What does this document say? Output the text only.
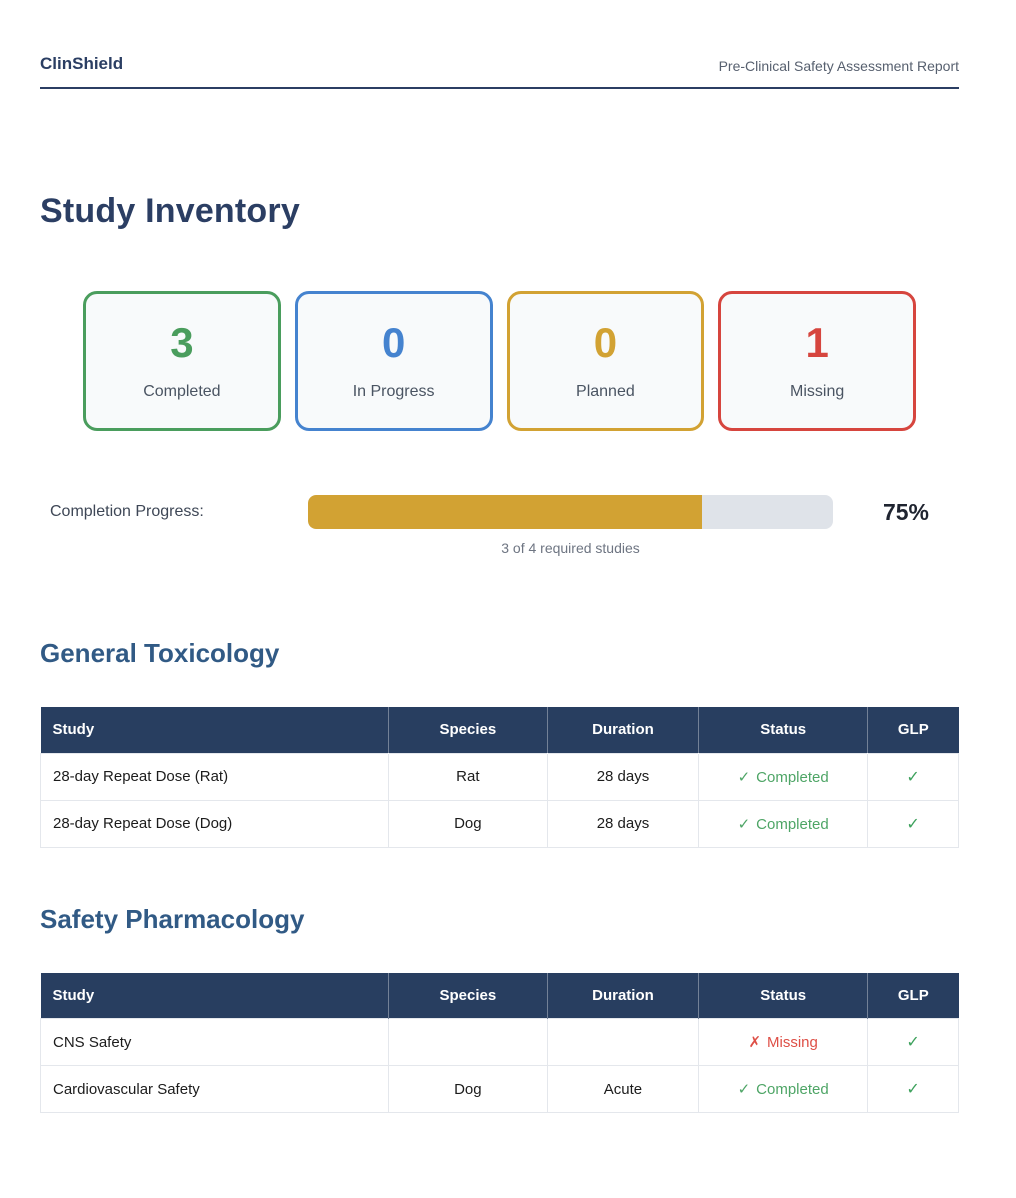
ClinShield	Pre-Clinical Safety Assessment Report
Study Inventory
3
Completed
0
In Progress
0
Planned
1
Missing
Completion Progress:	75%
3 of 4 required studies
General Toxicology
Study	Species	Duration	Status	GLP
28-day Repeat Dose (Rat)	Rat	28 days	✓ Completed	✓
28-day Repeat Dose (Dog)	Dog	28 days	✓ Completed	✓
Safety Pharmacology
Study	Species	Duration	Status	GLP
CNS Safety			✗ Missing	✓
Cardiovascular Safety	Dog	Acute	✓ Completed	✓
